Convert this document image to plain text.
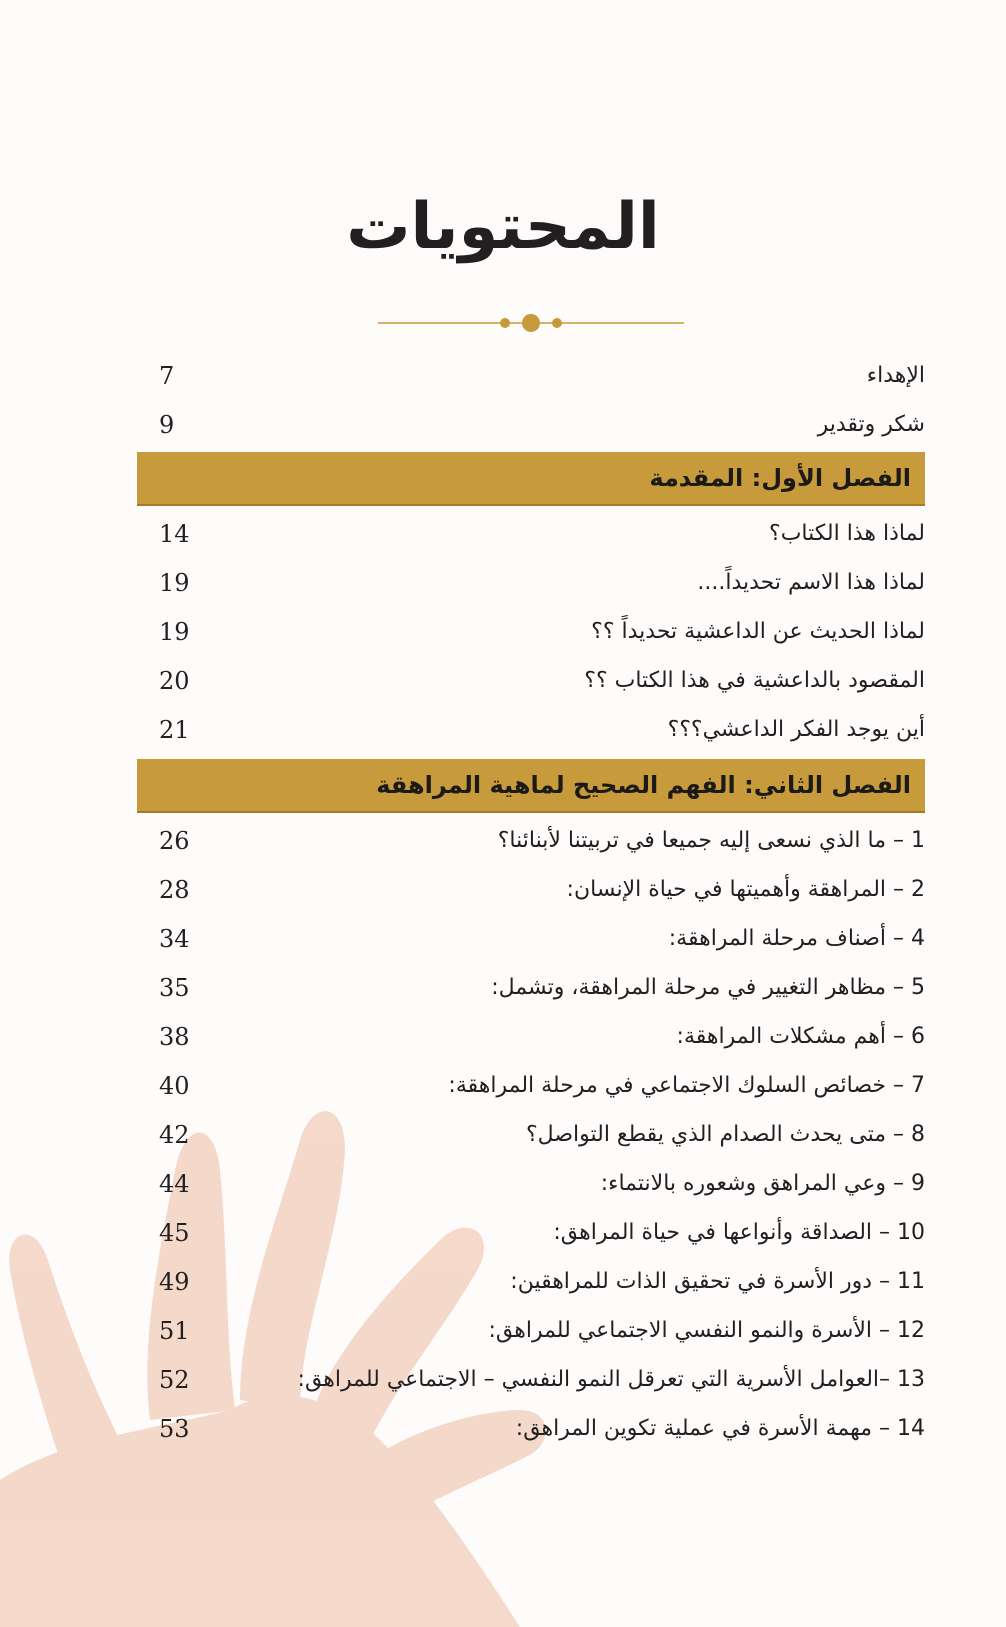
المحتويات
الإهداء
7
شكر وتقدير
9
الفصل الأول: المقدمة
لماذا هذا الكتاب؟
14
لماذا هذا الاسم تحديداً....
19
لماذا الحديث عن الداعشية تحديداً ؟؟
19
المقصود بالداعشية في هذا الكتاب ؟؟
20
أين يوجد الفكر الداعشي؟؟؟
21
الفصل الثاني: الفهم الصحيح لماهية المراهقة
1 – ما الذي نسعى إليه جميعا في تربيتنا لأبنائنا؟
26
2 – المراهقة وأهميتها في حياة الإنسان:
28
4 – أصناف مرحلة المراهقة:
34
5 – مظاهر التغيير في مرحلة المراهقة، وتشمل:
35
6 – أهم مشكلات المراهقة:
38
7 – خصائص السلوك الاجتماعي في مرحلة المراهقة:
40
8 – متى يحدث الصدام الذي يقطع التواصل؟
42
9 – وعي المراهق وشعوره بالانتماء:
44
10 – الصداقة وأنواعها في حياة المراهق:
45
11 – دور الأسرة في تحقيق الذات للمراهقين:
49
12 – الأسرة والنمو النفسي الاجتماعي للمراهق:
51
13 –العوامل الأسرية التي تعرقل النمو النفسي – الاجتماعي للمراهق:
52
14 – مهمة الأسرة في عملية تكوين المراهق:
53
